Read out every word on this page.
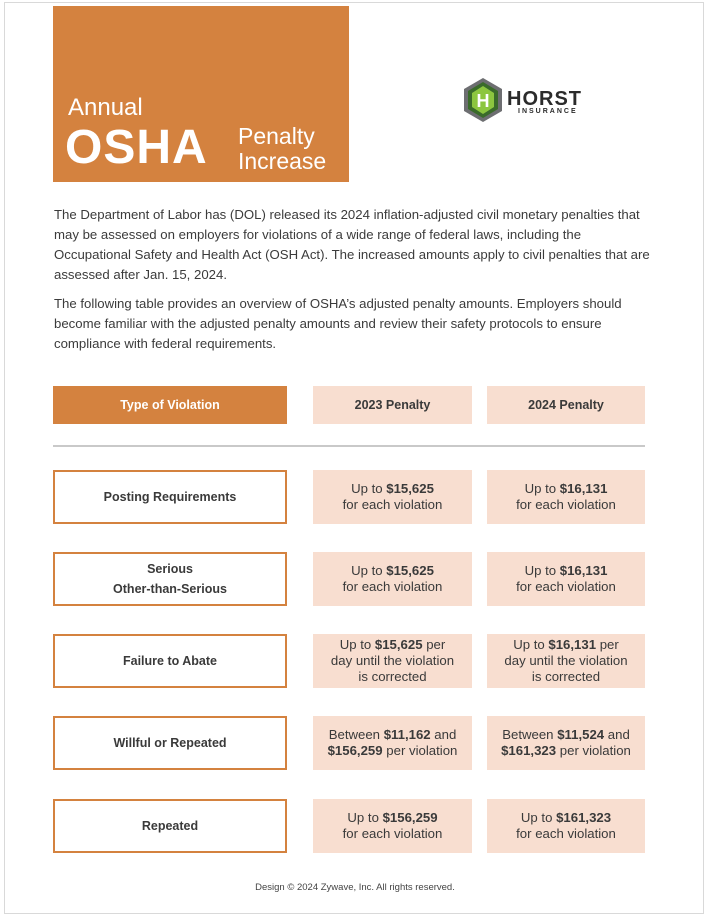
Annual
OSHA Penalty
Increase
H HORST
INSURANCE

The Department of Labor has (DOL) released its 2024 inflation-adjusted civil monetary penalties that may be assessed on employers for violations of a wide range of federal laws, including the Occupational Safety and Health Act (OSH Act). The increased amounts apply to civil penalties that are assessed after Jan. 15, 2024.

The following table provides an overview of OSHA’s adjusted penalty amounts. Employers should become familiar with the adjusted penalty amounts and review their safety protocols to ensure compliance with federal requirements.

Type of Violation	2023 Penalty	2024 Penalty
Posting Requirements
Up to $15,625
for each violation
Up to $16,131
for each violation
Serious
Other-than-Serious
Up to $15,625
for each violation
Up to $16,131
for each violation
Failure to Abate
Up to $15,625 per
day until the violation
is corrected
Up to $16,131 per
day until the violation
is corrected
Willful or Repeated
Between $11,162 and
$156,259 per violation
Between $11,524 and
$161,323 per violation
Repeated
Up to $156,259
for each violation
Up to $161,323
for each violation
Design © 2024 Zywave, Inc. All rights reserved.
